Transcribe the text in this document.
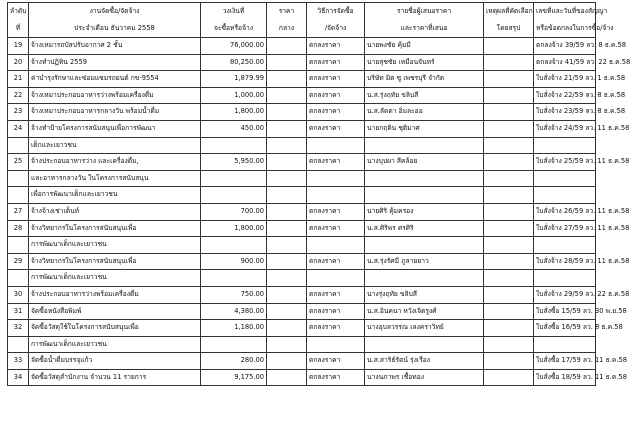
ลำดับ	งานจัดซื้อ/จัดจ้าง	วงเงินที่	ราคา	วิธีการจัดซื้อ	รายชื่อผู้เสนอราคา	เหตุผลที่คัดเลือก	เลขที่และวันที่ของสัญญา
ที่	ประจำเดือน ธันวาคม 2558	จะซื้อหรือจ้าง	กลาง	/จัดจ้าง	และราคาที่เสนอ	โดยสรุป	หรือข้อตกลงในการซื้อ/จ้าง
19	จ้างเหมารถบัสปรับอากาศ 2 ชั้น	76,000.00		ตกลงราคา	นายพงชัย คุ้มมี		ตกลงจ้าง 39/59 ลว. 8 ธ.ค.58
20	จ้างทำปฏิทิน 2559	80,250.00		ตกลงราคา	นายสุชชัย เหมือนจันทร์		ตกลงจ้าง 41/59 ลว. 22 ธ.ค.58
21	ค่าบำรุงรักษาและซ่อมแซมรถยนต์ กข-9554	1,879.99		ตกลงราคา	บริษัท มิต ซู เพชรบุรี จำกัด		ใบสั่งจ้าง 21/59 ลว. 1 ธ.ค.58
22	จ้างเหมาประกอบอาหารว่างพร้อมเครื่องดื่ม	1,000.00		ตกลงราคา	น.ส.รุ่งฤทัย ขลิบสี		ใบสั่งจ้าง 22/59 ลว. 8 ธ.ค.58
23	จ้างเหมาประกอบอาหารกลางวัน พร้อมน้ำดื่ม	1,800.00		ตกลงราคา	น.ส.ลัดดา อิ่มละออ		ใบสั่งจ้าง 23/59 ลว. 8 ธ.ค.58
24	จ้างทำป้ายโครงการสนับสนุนเพื่อการพัฒนา	450.00		ตกลงราคา	นายกฤติน ชุติมาศ		ใบสั่งจ้าง 24/59 ลว. 11 ธ.ค.58
	เด็กและเยาวชน						
25	จ้างประกอบอาหารว่าง และเครื่องดื่ม,	5,950.00		ตกลงราคา	นางบุปผา สีคล้อย		ใบสั่งจ้าง 25/59 ลว. 11 ธ.ค.58
	และอาหารกลางวัน ในโครงการสนับสนุน						
	เพื่อการพัฒนาเด็กและเยาวชน						
27	จ้างจ้างเช่าเต็นท์	700.00		ตกลงราคา	นายศิริ คุ้มครอง		ใบสั่งจ้าง 26/59 ลว. 11 ธ.ค.58
28	จ้างวิทยากรในโครงการสนับสนุนเพื่อ	1,800.00		ตกลงราคา	น.ส.ศิริพร ศรศิริ		ใบสั่งจ้าง 27/59 ลว. 11 ธ.ค.58
	การพัฒนาเด็กและเยาวชน						
29	จ้างวิทยากรในโครงการสนับสนุนเพื่อ	900.00		ตกลงราคา	น.ส.รุ่งรัศมี ภูลายยาว		ใบสั่งจ้าง 28/59 ลว. 11 ธ.ค.58
	การพัฒนาเด็กและเยาวชน						
30	จ้างประกอบอาหารว่างพร้อมเครื่องดื่ม	750.00		ตกลงราคา	นางรุ่งฤทัย ขลิบสี		ใบสั่งจ้าง 29/59 ลว. 22 ธ.ค.58
31	จัดซื้อหนังสือพิมพ์	4,380.00		ตกลงราคา	น.ส.อินคนา หวังเจิตรูงศ์		ใบสั่งซื้อ 15/59 ลว. 30 พ.ย.58
32	จัดซื้อวัสดุใช้ในโครงการสนับสนุนเพื่อ	1,180.00		ตกลงราคา	นางอุบลวรรณ เลงคราวิทย์		ใบสั่งซื้อ 16/59 ลว. 8 ธ.ค.58
	การพัฒนาเด็กและเยาวชน						
33	จัดซื้อน้ำดื่มบรรจุแก้ว	280.00		ตกลงราคา	น.ส.สาริธ์รัตน์ รุ่งเรือง		ใบสั่งซื้อ 17/59 ลว. 11 ธ.ค.58
34	จัดซื้อวัสดุสำนักงาน จำนวน 11 รายการ	9,175.00		ตกลงราคา	นางนภาพร เชื้อทอง		ใบสั่งซื้อ 18/59 ลว. 11 ธ.ค.58
